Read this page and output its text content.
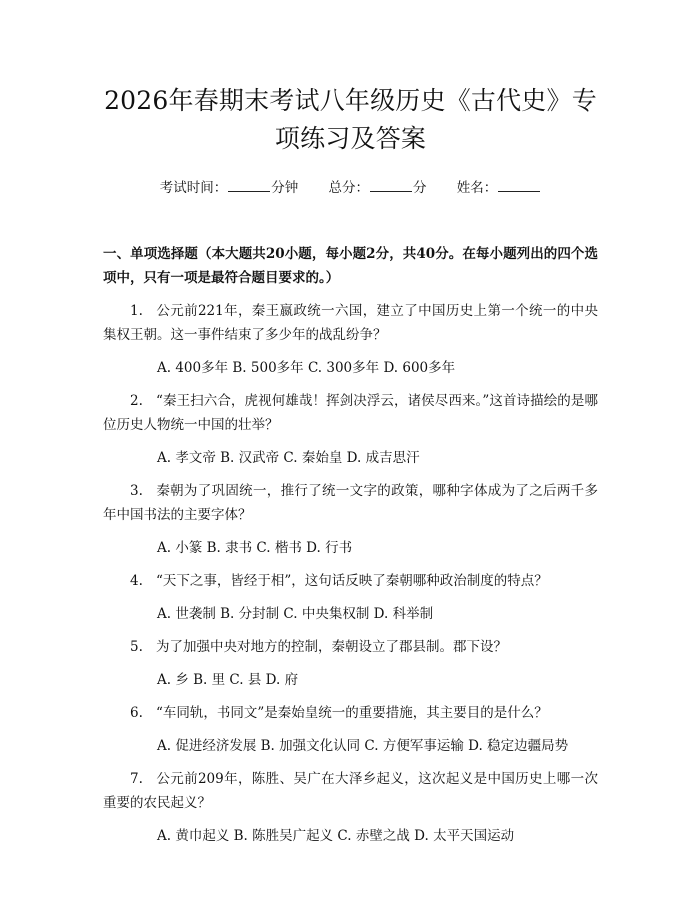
2026年春期末考试八年级历史《古代史》专项练习及答案
考试时间：	分钟 总分：	分 姓名：
一、单项选择题（本大题共20小题，每小题2分，共40分。在每小题列出的四个选项中，只有一项是最符合题目要求的。）
1. 公元前221年，秦王嬴政统一六国，建立了中国历史上第一个统一的中央集权王朝。这一事件结束了多少年的战乱纷争？
A. 400多年 B. 500多年 C. 300多年 D. 600多年
2. “秦王扫六合，虎视何雄哉！挥剑决浮云，诸侯尽西来。”这首诗描绘的是哪位历史人物统一中国的壮举？
A. 孝文帝 B. 汉武帝 C. 秦始皇 D. 成吉思汗
3. 秦朝为了巩固统一，推行了统一文字的政策，哪种字体成为了之后两千多年中国书法的主要字体？
A. 小篆 B. 隶书 C. 楷书 D. 行书
4. “天下之事，皆经于相”，这句话反映了秦朝哪种政治制度的特点？
A. 世袭制 B. 分封制 C. 中央集权制 D. 科举制
5. 为了加强中央对地方的控制，秦朝设立了郡县制。郡下设？
A. 乡 B. 里 C. 县 D. 府
6. “车同轨，书同文”是秦始皇统一的重要措施，其主要目的是什么？
A. 促进经济发展 B. 加强文化认同 C. 方便军事运输 D. 稳定边疆局势
7. 公元前209年，陈胜、吴广在大泽乡起义，这次起义是中国历史上哪一次重要的农民起义？
A. 黄巾起义 B. 陈胜吴广起义 C. 赤壁之战 D. 太平天国运动
